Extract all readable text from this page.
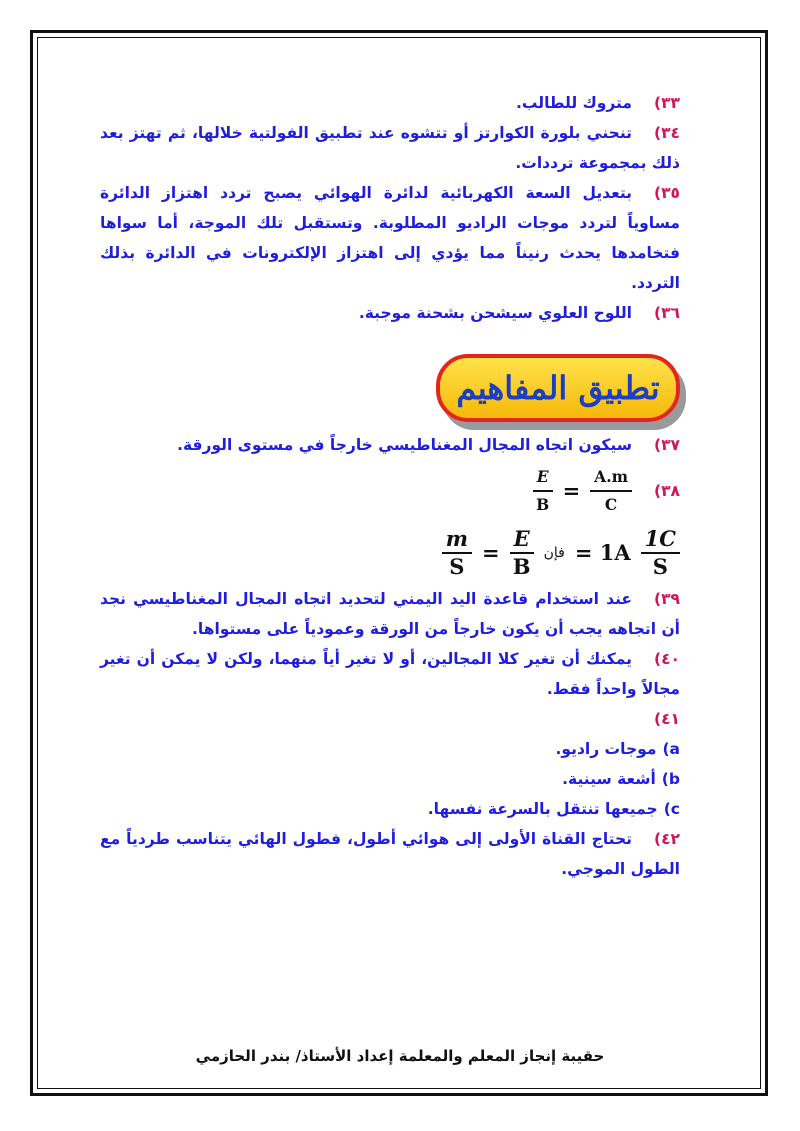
٣٣)متروك للطالب.

٣٤)تنحني بلورة الكوارتز أو تتشوه عند تطبيق الفولتية خلالها، ثم تهتز بعد ذلك بمجموعة ترددات.

٣٥)بتعديل السعة الكهربائية لدائرة الهوائي يصبح تردد اهتزاز الدائرة مساوياً لتردد موجات الراديو المطلوبة. وتستقبل تلك الموجة، أما سواها فتخامدها يحدث رنيناً مما يؤدي إلى اهتزاز الإلكترونات في الدائرة بذلك التردد.

٣٦)اللوح العلوي سيشحن بشحنة موجبة.

تطبيق المفاهيم

٣٧)سيكون اتجاه المجال المغناطيسي خارجاً في مستوى الورقة.

٣٨)
$\frac{E}{B} = \frac{A.m}{C}$
$\frac{m}{S} = \frac{E}{B}$ فإن = $1A \frac{1C}{S}$

٣٩)عند استخدام قاعدة اليد اليمني لتحديد اتجاه المجال المغناطيسي نجد أن اتجاهه يجب أن يكون خارجاً من الورقة وعمودياً على مستواها.

٤٠)يمكنك أن تغير كلا المجالين، أو لا تغير أياً منهما، ولكن لا يمكن أن تغير مجالاً واحداً فقط.

٤١)

a)موجات راديو.

b)أشعة سينية.

c)جميعها تنتقل بالسرعة نفسها.

٤٢)تحتاج القناة الأولى إلى هوائي أطول، فطول الهائي يتناسب طردياً مع الطول الموجي.

حقيبة إنجاز المعلم والمعلمة إعداد الأستاذ/ بندر الحازمي
